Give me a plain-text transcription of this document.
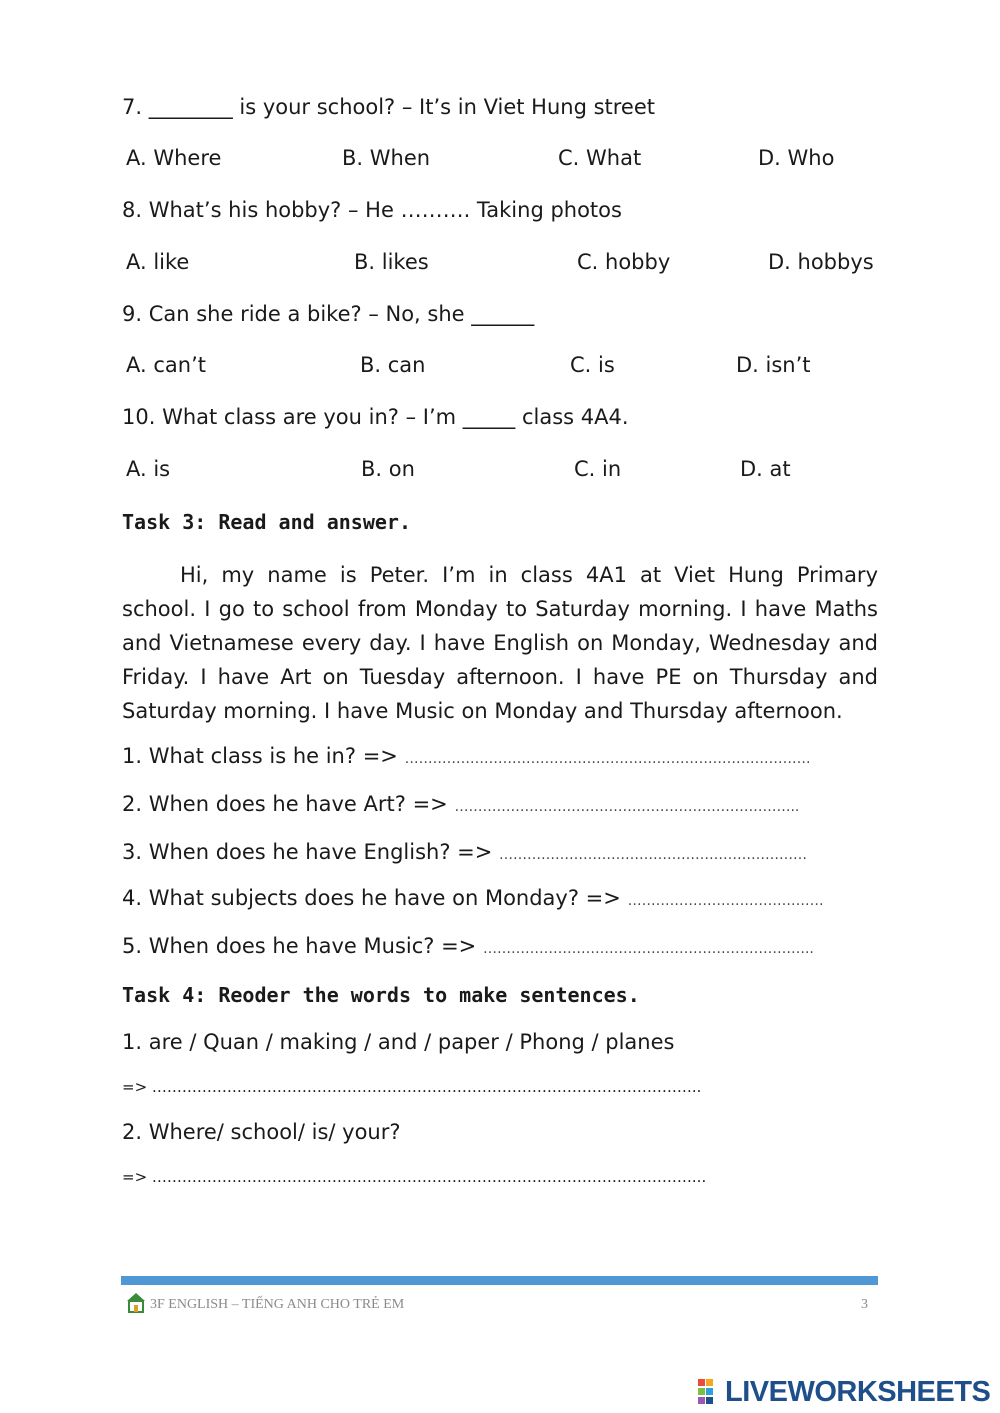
7. ________ is your school? – It’s in Viet Hung street
A. Where	B. When	C. What	D. Who
8. What’s his hobby? – He ………. Taking photos
A. like	B. likes	C. hobby	D. hobbys
9. Can she ride a bike? – No, she ______
A. can’t	B. can	C. is	D. isn’t
10. What class are you in? – I’m _____ class 4A4.
A. is	B. on	C. in	D. at
Task 3: Read and answer.
Hi, my name is Peter. I’m in class 4A1 at Viet Hung Primary school. I go to school from Monday to Saturday morning. I have Maths and Vietnamese every day. I have English on Monday, Wednesday and Friday. I have Art on Tuesday afternoon. I have PE on Thursday and Saturday morning. I have Music on Monday and Thursday afternoon.
1. What class is he in? => ……………………………………………………………………………
2. When does he have Art? => ………………………………………………………………..
3. When does he have English? => …………………………………………………………
4. What subjects does he have on Monday? => ……………………………………
5. When does he have Music? => ……………………………………………………………..
Task 4: Reoder the words to make sentences.
1. are / Quan / making / and / paper / Phong / planes
=> ………………………………………………………………………………………………..
2. Where/ school/ is/ your?
=> ………………………………………………………………………………………………...
3F ENGLISH – TIẾNG ANH CHO TRẺ EM	3
LIVEWORKSHEETS
